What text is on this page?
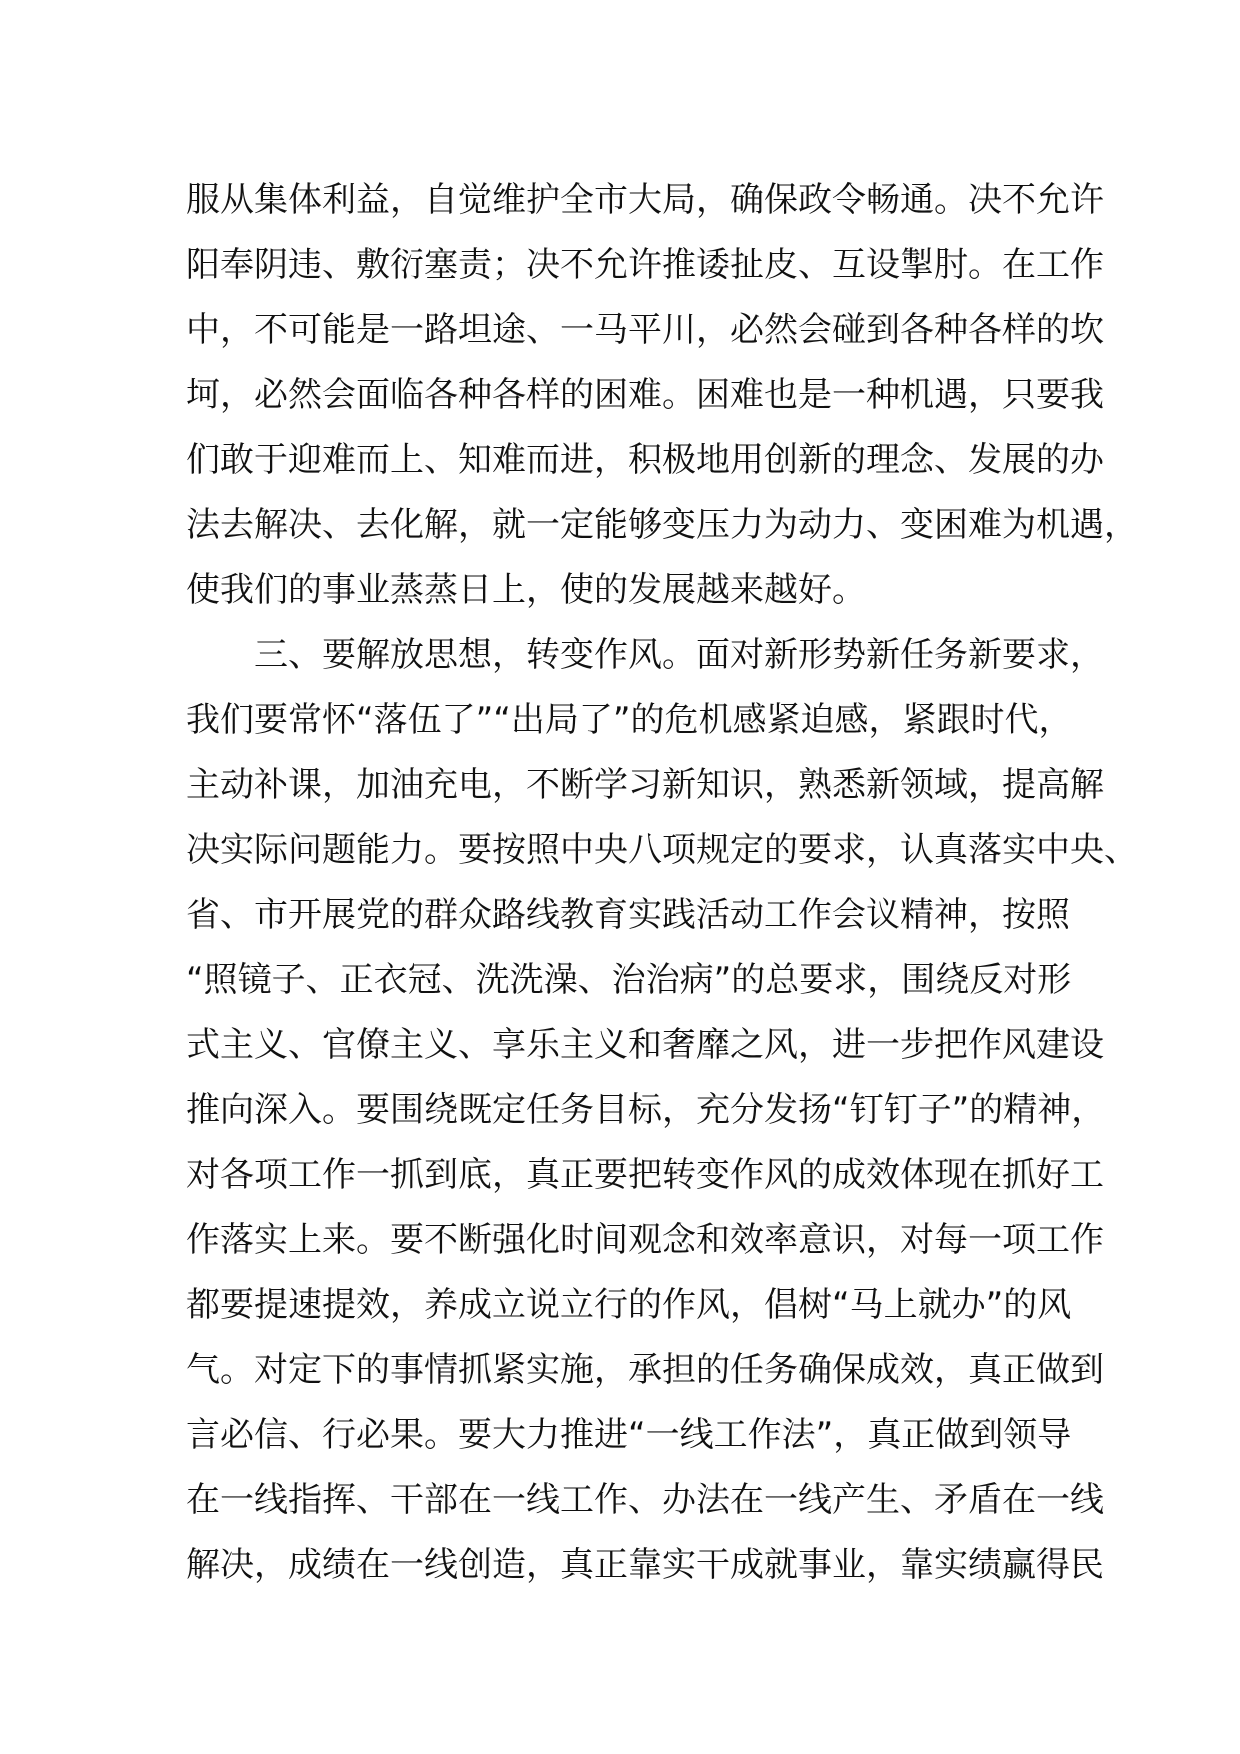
服从集体利益，自觉维护全市大局，确保政令畅通。决不允许
阳奉阴违、敷衍塞责；决不允许推诿扯皮、互设掣肘。在工作
中，不可能是一路坦途、一马平川，必然会碰到各种各样的坎
坷，必然会面临各种各样的困难。困难也是一种机遇，只要我
们敢于迎难而上、知难而进，积极地用创新的理念、发展的办
法去解决、去化解，就一定能够变压力为动力、变困难为机遇，
使我们的事业蒸蒸日上，使的发展越来越好。
　　三、要解放思想，转变作风。面对新形势新任务新要求，
我们要常怀“落伍了”“出局了”的危机感紧迫感，紧跟时代，
主动补课，加油充电，不断学习新知识，熟悉新领域，提高解
决实际问题能力。要按照中央八项规定的要求，认真落实中央、
省、市开展党的群众路线教育实践活动工作会议精神，按照
“照镜子、正衣冠、洗洗澡、治治病”的总要求，围绕反对形
式主义、官僚主义、享乐主义和奢靡之风，进一步把作风建设
推向深入。要围绕既定任务目标，充分发扬“钉钉子”的精神，
对各项工作一抓到底，真正要把转变作风的成效体现在抓好工
作落实上来。要不断强化时间观念和效率意识，对每一项工作
都要提速提效，养成立说立行的作风，倡树“马上就办”的风
气。对定下的事情抓紧实施，承担的任务确保成效，真正做到
言必信、行必果。要大力推进“一线工作法”，真正做到领导
在一线指挥、干部在一线工作、办法在一线产生、矛盾在一线
解决，成绩在一线创造，真正靠实干成就事业，靠实绩赢得民
